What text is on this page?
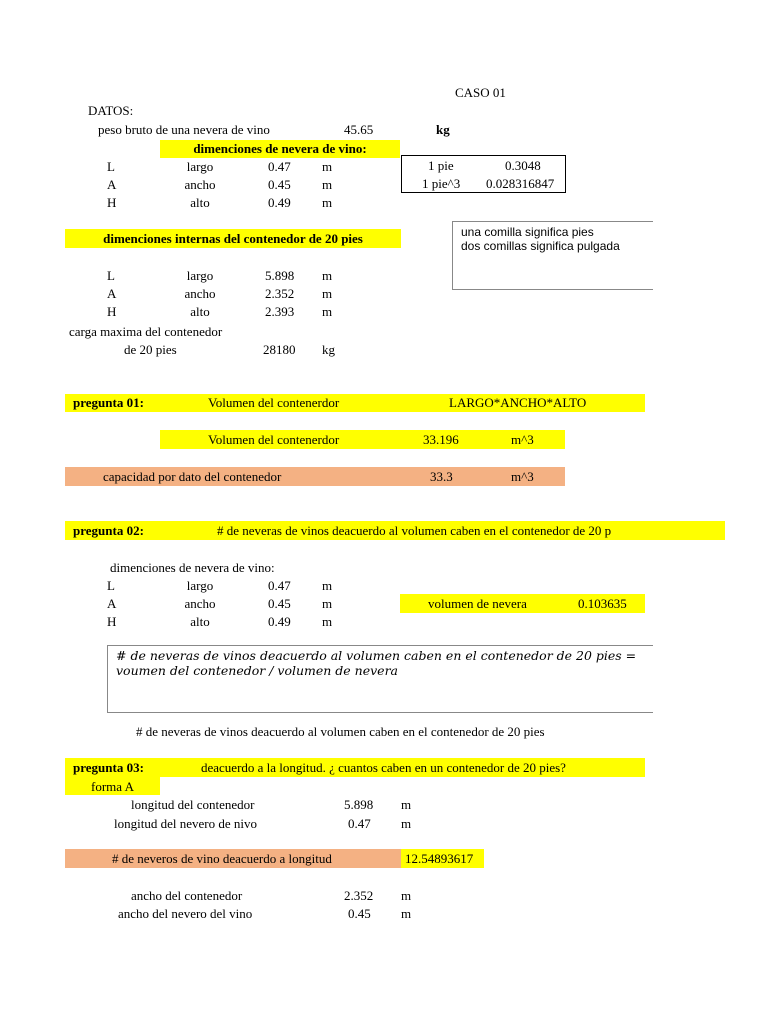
CASO 01
DATOS:
peso bruto de una nevera de vino	45.65	kg
dimenciones de nevera de vino:
L	largo	0.47 m
A	ancho	0.45 m
H	alto	0.49 m
1 pie	0.3048
1 pie^3 0.028316847
una comilla significa pies
dos comillas significa pulgada
dimenciones internas del contenedor de 20 pies
L	largo	5.898 m
A	ancho	2.352 m
H	alto	2.393 m
carga maxima del contenedor
de 20 pies	28180 kg
pregunta 01:	Volumen del contenerdor	LARGO*ANCHO*ALTO
Volumen del contenerdor	33.196	m^3
capacidad por dato del contenedor	33.3	m^3
pregunta 02:	# de neveras de vinos deacuerdo al volumen caben en el contenedor de 20 p
dimenciones de nevera de vino:
L	largo	0.47 m
A	ancho	0.45 m
H	alto	0.49 m
volumen de nevera	0.103635
# de neveras de vinos deacuerdo al volumen caben en el contenedor de 20 pies =
voumen del contenedor / volumen de nevera
# de neveras de vinos deacuerdo al volumen caben en el contenedor de 20 pies
pregunta 03:	deacuerdo a la longitud. ¿ cuantos caben en un contenedor de 20 pies?
forma A
longitud del contenedor	5.898 m
longitud del nevero de nivo	0.47 m
# de neveros de vino deacuerdo a longitud	12.54893617
ancho del contenedor	2.352 m
ancho del nevero del vino	0.45 m
